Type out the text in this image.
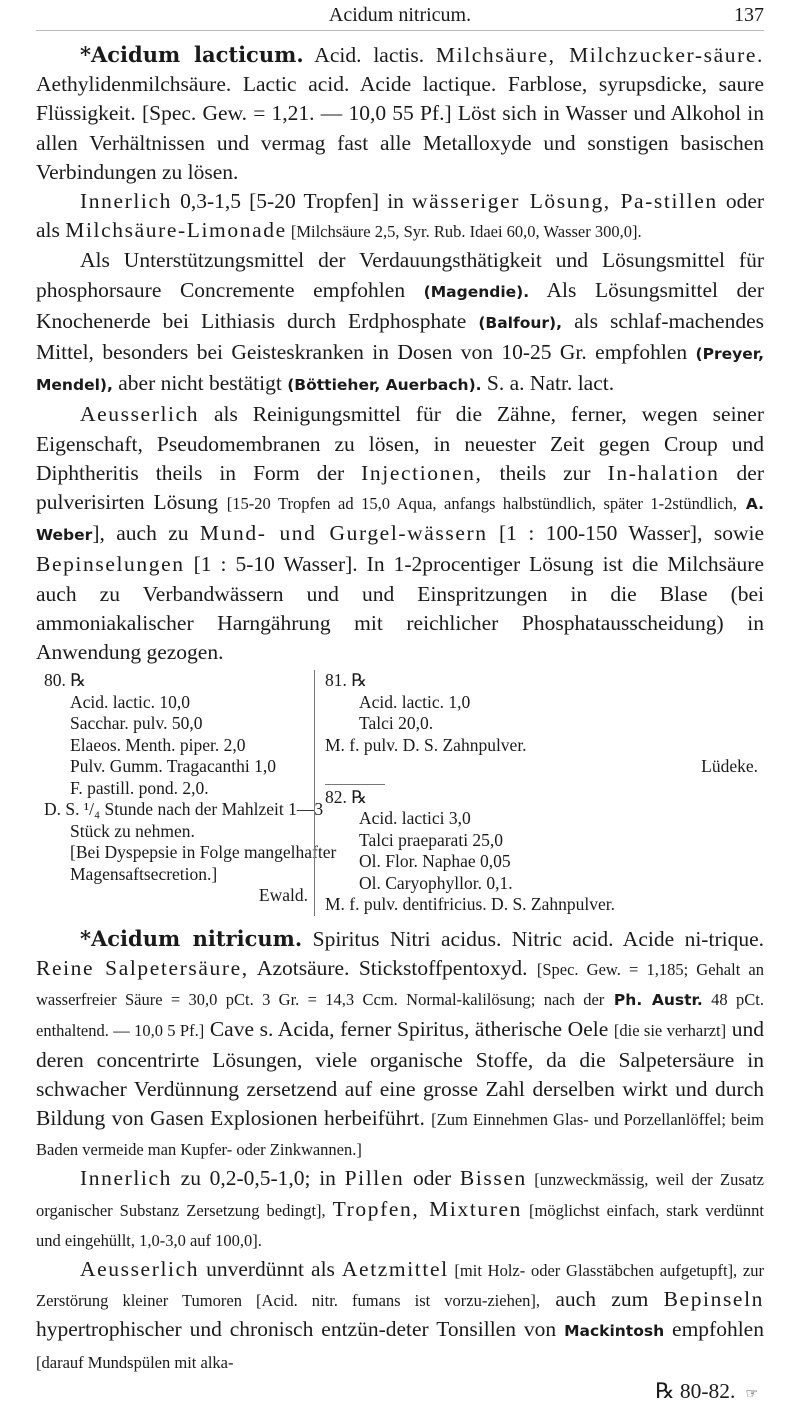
Acidum nitricum.	137

*Acidum lacticum. Acid. lactis. Milchsäure, Milchzucker-säure. Aethylidenmilchsäure. Lactic acid. Acide lactique. Farblose, syrupsdicke, saure Flüssigkeit. [Spec. Gew. = 1,21. — 10,0 55 Pf.] Löst sich in Wasser und Alkohol in allen Verhältnissen und vermag fast alle Metalloxyde und sonstigen basischen Verbindungen zu lösen.

Innerlich 0,3-1,5 [5-20 Tropfen] in wässeriger Lösung, Pa-stillen oder als Milchsäure-Limonade [Milchsäure 2,5, Syr. Rub. Idaei 60,0, Wasser 300,0].

Als Unterstützungsmittel der Verdauungsthätigkeit und Lösungsmittel für phosphorsaure Concremente empfohlen (Magendie). Als Lösungsmittel der Knochenerde bei Lithiasis durch Erdphosphate (Balfour), als schlaf-machendes Mittel, besonders bei Geisteskranken in Dosen von 10-25 Gr. empfohlen (Preyer, Mendel), aber nicht bestätigt (Böttieher, Auerbach). S. a. Natr. lact.

Aeusserlich als Reinigungsmittel für die Zähne, ferner, wegen seiner Eigenschaft, Pseudomembranen zu lösen, in neuester Zeit gegen Croup und Diphtheritis theils in Form der Injectionen, theils zur In-halation der pulverisirten Lösung [15-20 Tropfen ad 15,0 Aqua, anfangs halbstündlich, später 1-2stündlich, A. Weber], auch zu Mund- und Gurgel-wässern [1 : 100-150 Wasser], sowie Bepinselungen [1 : 5-10 Wasser]. In 1-2procentiger Lösung ist die Milchsäure auch zu Verbandwässern und und Einspritzungen in die Blase (bei ammoniakalischer Harngährung mit reichlicher Phosphatausscheidung) in Anwendung gezogen.

80. ℞
Acid. lactic. 10,0
Sacchar. pulv. 50,0
Elaeos. Menth. piper. 2,0
Pulv. Gumm. Tragacanthi 1,0
F. pastill. pond. 2,0.
D. S. ¹/₄ Stunde nach der Mahlzeit 1—3
Stück zu nehmen.
[Bei Dyspepsie in Folge mangelhafter
Magensaftsecretion.]
Ewald.
81. ℞
Acid. lactic. 1,0
Talci 20,0.
M. f. pulv. D. S. Zahnpulver.
Lüdeke.
82. ℞
Acid. lactici 3,0
Talci praeparati 25,0
Ol. Flor. Naphae 0,05
Ol. Caryophyllor. 0,1.
M. f. pulv. dentifricius. D. S. Zahnpulver.

*Acidum nitricum. Spiritus Nitri acidus. Nitric acid. Acide ni-trique. Reine Salpetersäure, Azotsäure. Stickstoffpentoxyd. [Spec. Gew. = 1,185; Gehalt an wasserfreier Säure = 30,0 pCt. 3 Gr. = 14,3 Ccm. Normal-kalilösung; nach der Ph. Austr. 48 pCt. enthaltend. — 10,0 5 Pf.] Cave s. Acida, ferner Spiritus, ätherische Oele [die sie verharzt] und deren concentrirte Lösungen, viele organische Stoffe, da die Salpetersäure in schwacher Verdünnung zersetzend auf eine grosse Zahl derselben wirkt und durch Bildung von Gasen Explosionen herbeiführt. [Zum Einnehmen Glas- und Porzellanlöffel; beim Baden vermeide man Kupfer- oder Zinkwannen.]

Innerlich zu 0,2-0,5-1,0; in Pillen oder Bissen [unzweckmässig, weil der Zusatz organischer Substanz Zersetzung bedingt], Tropfen, Mixturen [möglichst einfach, stark verdünnt und eingehüllt, 1,0-3,0 auf 100,0].

Aeusserlich unverdünnt als Aetzmittel [mit Holz- oder Glasstäbchen aufgetupft], zur Zerstörung kleiner Tumoren [Acid. nitr. fumans ist vorzu-ziehen], auch zum Bepinseln hypertrophischer und chronisch entzün-deter Tonsillen von Mackintosh empfohlen [darauf Mundspülen mit alka-

℞ 80-82. ☞
